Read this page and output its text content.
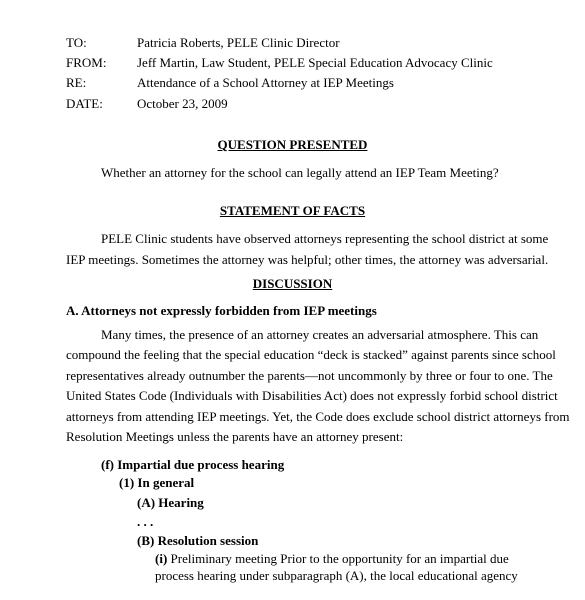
TO:	Patricia Roberts, PELE Clinic Director
FROM: Jeff Martin, Law Student, PELE Special Education Advocacy Clinic
RE:	Attendance of a School Attorney at IEP Meetings
DATE:	October 23, 2009
QUESTION PRESENTED
Whether an attorney for the school can legally attend an IEP Team Meeting?
STATEMENT OF FACTS
PELE Clinic students have observed attorneys representing the school district at some
IEP meetings. Sometimes the attorney was helpful; other times, the attorney was adversarial.
DISCUSSION
A. Attorneys not expressly forbidden from IEP meetings
Many times, the presence of an attorney creates an adversarial atmosphere. This can
compound the feeling that the special education “deck is stacked” against parents since school
representatives already outnumber the parents—not uncommonly by three or four to one. The
United States Code (Individuals with Disabilities Act) does not expressly forbid school district
attorneys from attending IEP meetings. Yet, the Code does exclude school district attorneys from
Resolution Meetings unless the parents have an attorney present:
(f) Impartial due process hearing
(1) In general
(A) Hearing
. . .
(B) Resolution session
(i) Preliminary meeting Prior to the opportunity for an impartial due
process hearing under subparagraph (A), the local educational agency
